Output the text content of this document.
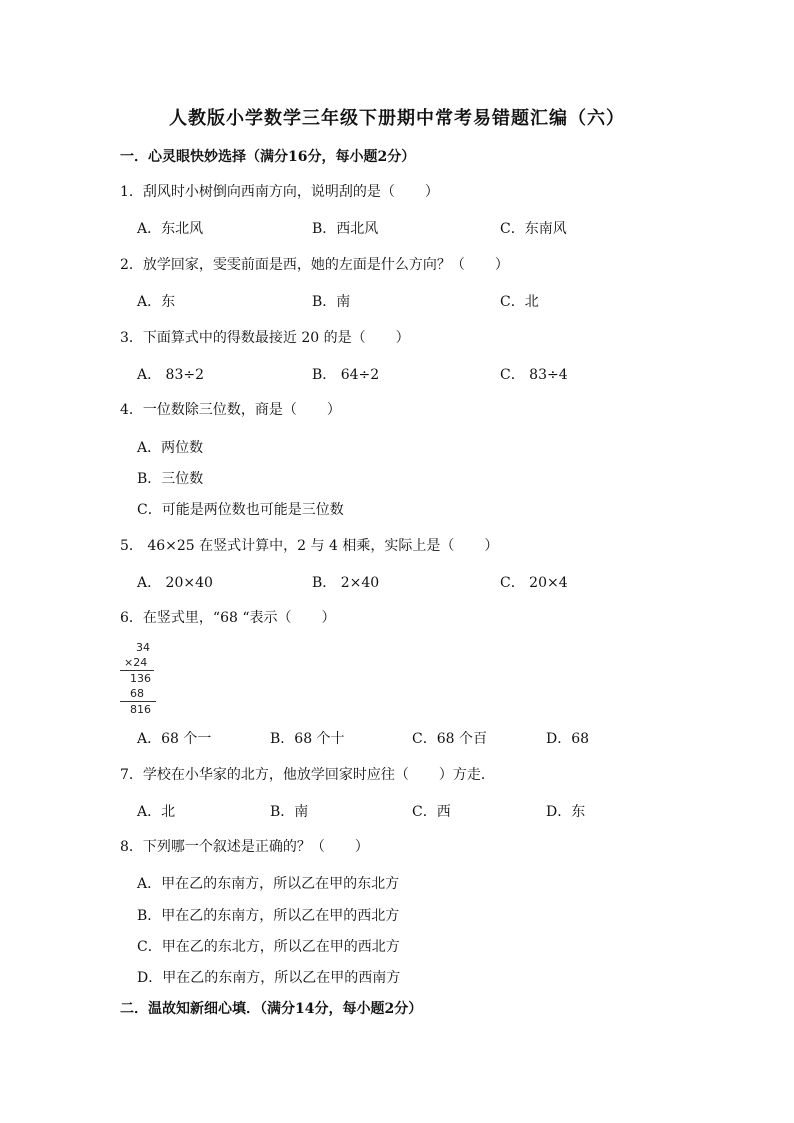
人教版小学数学三年级下册期中常考易错题汇编（六）
一．心灵眼快妙选择（满分16分，每小题2分）
1．刮风时小树倒向西南方向，说明刮的是（ ）
A．东北风	B．西北风	C．东南风
2．放学回家，雯雯前面是西，她的左面是什么方向？（ ）
A．东	B．南	C．北
3．下面算式中的得数最接近 20 的是（ ）
A． 83÷2	B． 64÷2	C． 83÷4
4．一位数除三位数，商是（ ）
A．两位数
B．三位数
C．可能是两位数也可能是三位数
5． 46×25 在竖式计算中，2 与 4 相乘，实际上是（ ）
A． 20×40	B． 2×40	C． 20×4
6．在竖式里，“68 “表示（ ）
34
×24
136
68
816
A．68 个一	B．68 个十	C．68 个百	D．68
7．学校在小华家的北方，他放学回家时应往（ ）方走．
A．北	B．南	C．西	D．东
8．下列哪一个叙述是正确的？（ ）
A．甲在乙的东南方，所以乙在甲的东北方
B．甲在乙的东南方，所以乙在甲的西北方
C．甲在乙的东北方，所以乙在甲的西北方
D．甲在乙的东南方，所以乙在甲的西南方
二．温故知新细心填．（满分14分，每小题2分）
